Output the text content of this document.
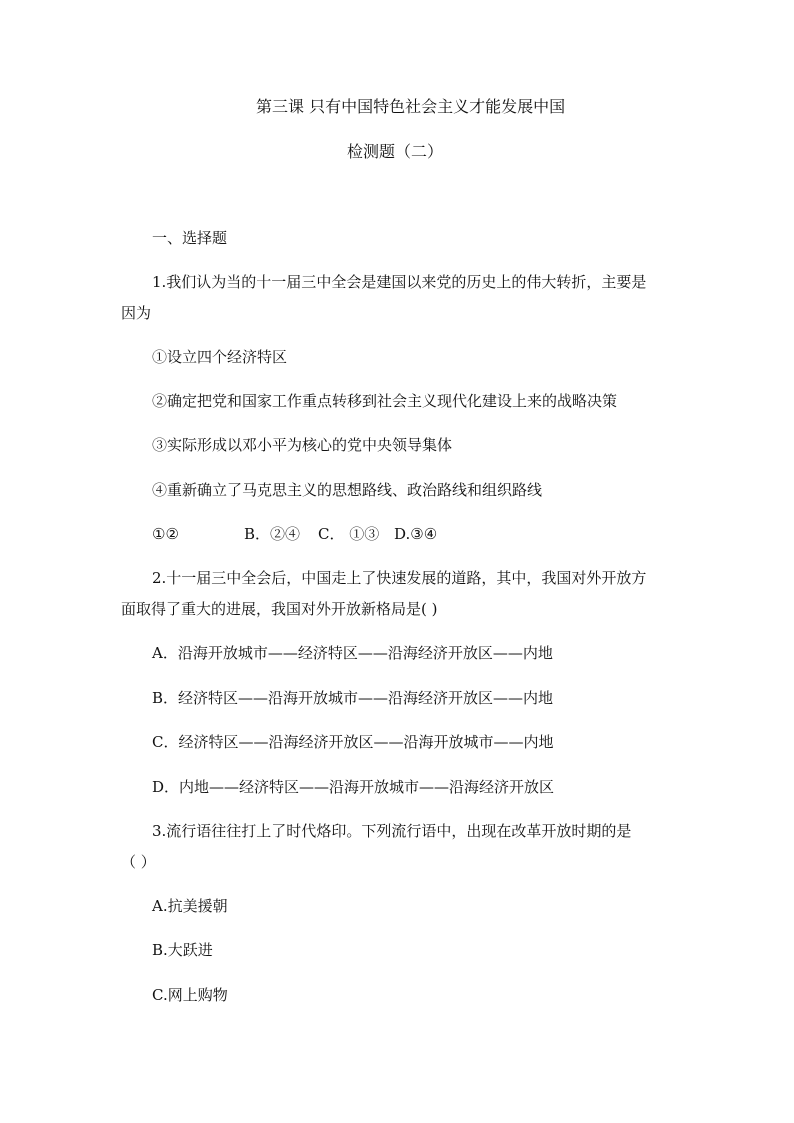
第三课 只有中国特色社会主义才能发展中国
检测题（二）
一、选择题
1.我们认为当的十一届三中全会是建国以来党的历史上的伟大转折，主要是
因为
①设立四个经济特区
②确定把党和国家工作重点转移到社会主义现代化建设上来的战略决策
③实际形成以邓小平为核心的党中央领导集体
④重新确立了马克思主义的思想路线、政治路线和组织路线
①②	B．②④ C． ①③ D.③④
2.十一届三中全会后，中国走上了快速发展的道路，其中，我国对外开放方
面取得了重大的进展，我国对外开放新格局是( )
A．沿海开放城市——经济特区——沿海经济开放区——内地
B．经济特区——沿海开放城市——沿海经济开放区——内地
C．经济特区——沿海经济开放区——沿海开放城市——内地
D．内地——经济特区——沿海开放城市——沿海经济开放区
3.流行语往往打上了时代烙印。下列流行语中，出现在改革开放时期的是
（ ）
A.抗美援朝
B.大跃进
C.网上购物
